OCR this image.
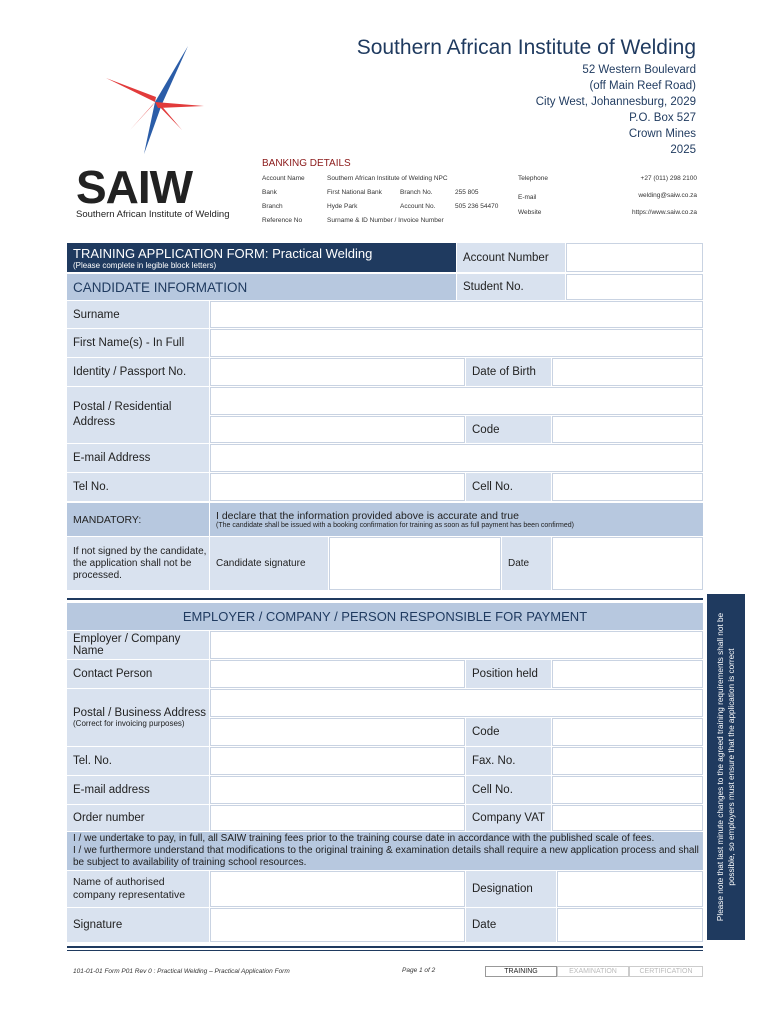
SAIW
Southern African Institute of Welding
Southern African Institute of Welding
52 Western Boulevard
(off Main Reef Road)
City West, Johannesburg, 2029
P.O. Box 527
Crown Mines
2025
BANKING DETAILS
Account Name	Southern African Institute of Welding NPC
Bank	First National Bank	Branch No.	255 805
Branch	Hyde Park	Account No.	505 236 54470
Reference No	Surname & ID Number / Invoice Number
Telephone	+27 (011) 298 2100
E-mail	welding@saiw.co.za
Website	https://www.saiw.co.za
TRAINING APPLICATION FORM: Practical Welding
(Please complete in legible block letters)
Account Number
CANDIDATE INFORMATION	Student No.
Surname
First Name(s) - In Full
Identity / Passport No.	Date of Birth
Postal / Residential Address
Code
E-mail Address
Tel No.	Cell No.
MANDATORY:
If not signed by the candidate, the application shall not be processed.
I declare that the information provided above is accurate and true
(The candidate shall be issued with a booking confirmation for training as soon as full payment has been confirmed)
Candidate signature	Date
EMPLOYER / COMPANY / PERSON RESPONSIBLE FOR PAYMENT
Employer / Company Name
Contact Person	Position held
Postal / Business Address
(Correct for invoicing purposes)
Code
Tel. No.	Fax. No.
E-mail address	Cell No.
Order number	Company VAT
I / we undertake to pay, in full, all SAIW training fees prior to the training course date in accordance with the published scale of fees.
I / we furthermore understand that modifications to the original training & examination details shall require a new application process and shall be subject to availability of training school resources.
Name of authorised company representative	Designation
Signature	Date
Please note that last minute changes to the agreed training requirements shall not be possible, so employers must ensure that the application is correct
101-01-01 Form P01 Rev 0 : Practical Welding – Practical Application Form	Page 1 of 2	TRAINING	EXAMINATION	CERTIFICATION
